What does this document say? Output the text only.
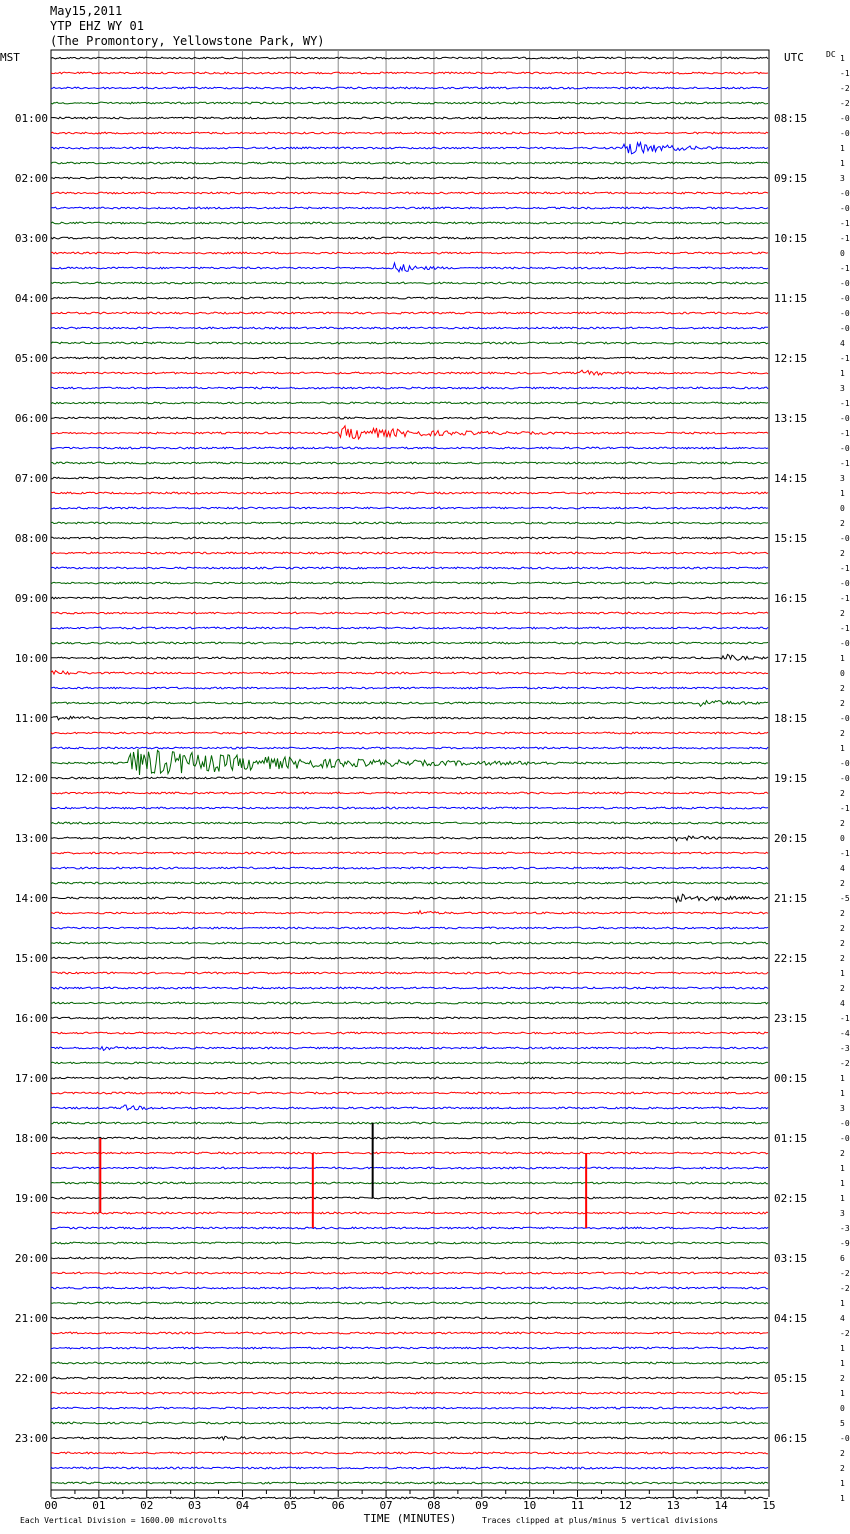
May15,2011
YTP EHZ WY 01
(The Promontory, Yellowstone Park, WY)
00	01	02	03	04	05	06	07	08	09	10	11	12	13	14	15
MST	UTC	DC
01:00
02:00
03:00
04:00
05:00
06:00
07:00
08:00
09:00
10:00
11:00
12:00
13:00
14:00
15:00
16:00
17:00
18:00
19:00
20:00
21:00
22:00
23:00
08:15
09:15
10:15
11:15
12:15
13:15
14:15
15:15
16:15
17:15
18:15
19:15
20:15
21:15
22:15
23:15
00:15
01:15
02:15
03:15
04:15
05:15
06:15
1
-1
-2
-2
-0
-0
1
1
3
-0
-0
-1
-1
0
-1
-0
-0
-0
-0
4
-1
1
3
-1
-0
-1
-0
-1
3
1
0
2
-0
2
-1
-0
-1
2
-1
-0
1
0
2
2
-0
2
1
-0
-0
2
-1
2
0
-1
4
2
-5
2
2
2
2
1
2
4
-1
-4
-3
-2
1
1
3
-0
-0
2
1
1
1
3
-3
-9
6
-2
-2
1
4
-2
1
1
2
1
0
5
-0
2
2
1
1
TIME (MINUTES)
Each Vertical Division = 1600.00 microvolts	Traces clipped at plus/minus 5 vertical divisions
